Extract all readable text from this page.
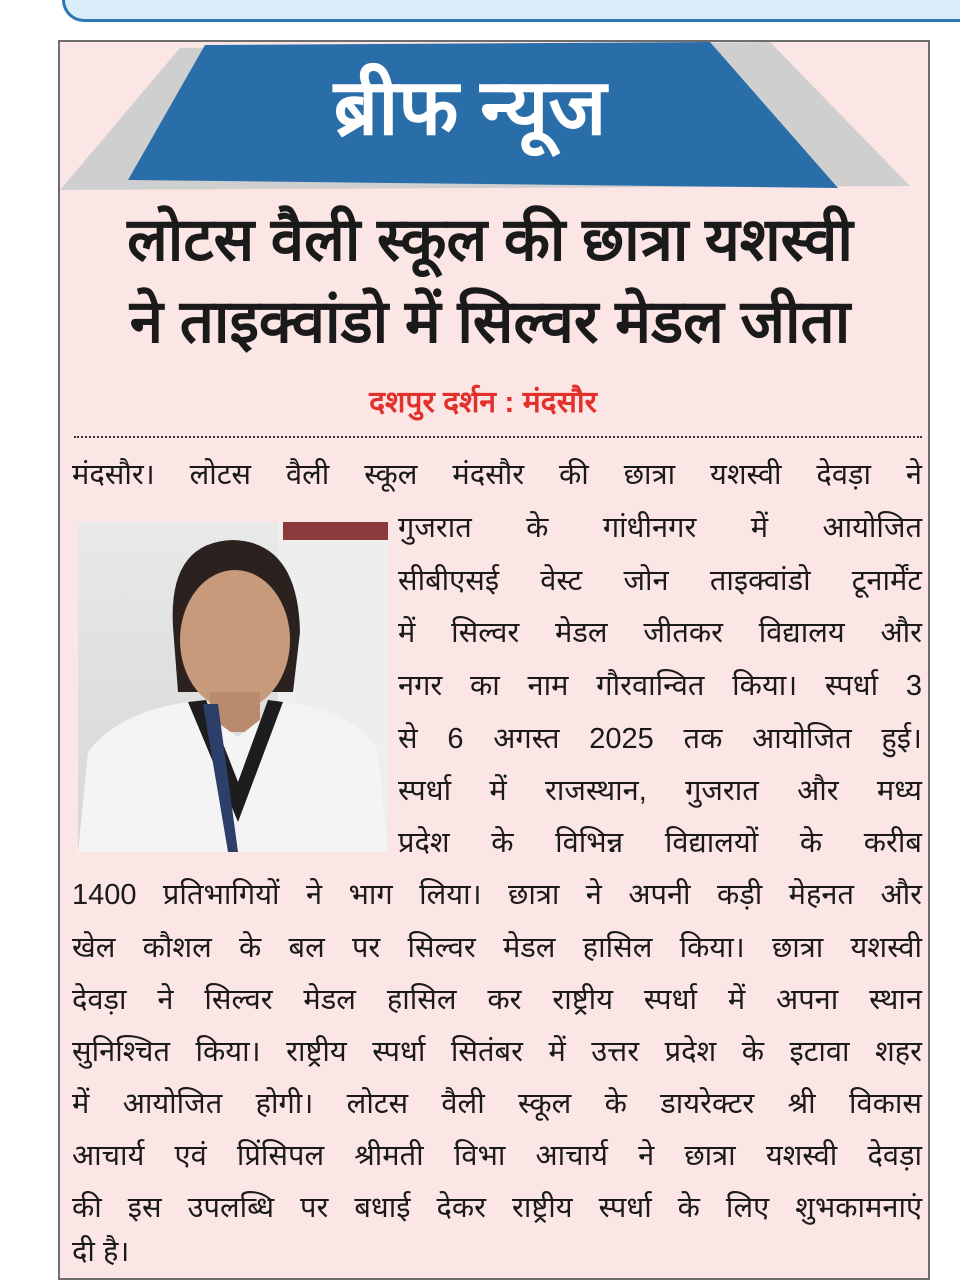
ब्रीफ न्यूज
लोटस वैली स्कूल की छात्रा यशस्वी
ने ताइक्वांडो में सिल्वर मेडल जीता
दशपुर दर्शन : मंदसौर
मंदसौर। लोटस वैली स्कूल मंदसौर की छात्रा यशस्वी देवड़ा ने
गुजरात के गांधीनगर में आयोजित
सीबीएसई वेस्ट जोन ताइक्वांडो टूनार्मेंट
में सिल्वर मेडल जीतकर विद्यालय और
नगर का नाम गौरवान्वित किया। स्पर्धा 3
से 6 अगस्त 2025 तक आयोजित हुई।
स्पर्धा में राजस्थान, गुजरात और मध्य
प्रदेश के विभिन्न विद्यालयों के करीब
1400 प्रतिभागियों ने भाग लिया। छात्रा ने अपनी कड़ी मेहनत और
खेल कौशल के बल पर सिल्वर मेडल हासिल किया। छात्रा यशस्वी
देवड़ा ने सिल्वर मेडल हासिल कर राष्ट्रीय स्पर्धा में अपना स्थान
सुनिश्चित किया। राष्ट्रीय स्पर्धा सितंबर में उत्तर प्रदेश के इटावा शहर
में आयोजित होगी। लोटस वैली स्कूल के डायरेक्टर श्री विकास
आचार्य एवं प्रिंसिपल श्रीमती विभा आचार्य ने छात्रा यशस्वी देवड़ा
की इस उपलब्धि पर बधाई देकर राष्ट्रीय स्पर्धा के लिए शुभकामनाएं
दी है।
